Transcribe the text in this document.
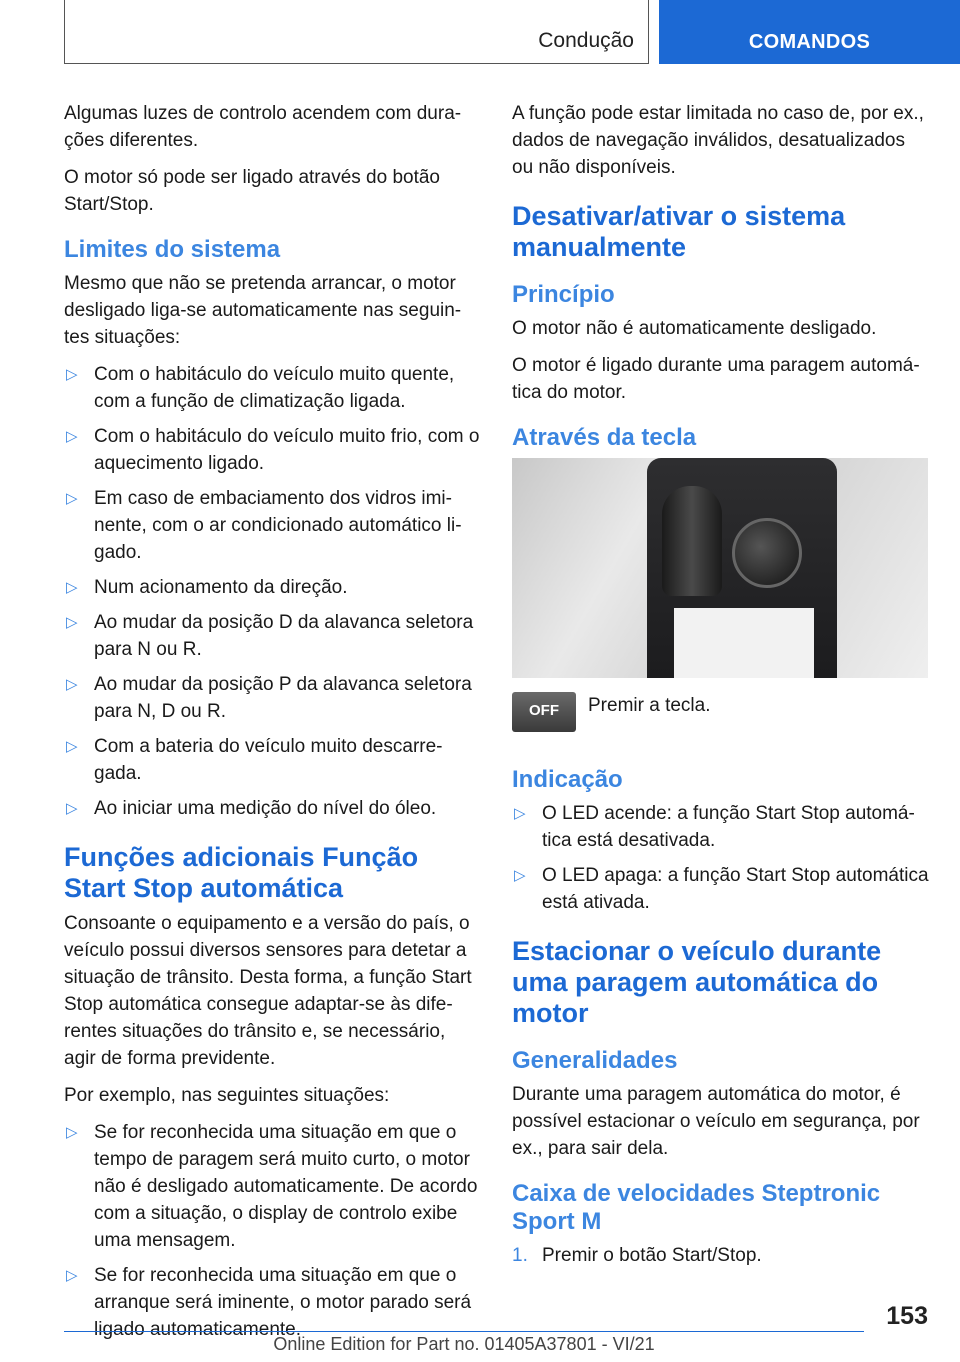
Condução	COMANDOS

Algumas luzes de controlo acendem com dura-ções diferentes.

O motor só pode ser ligado através do botão Start/Stop.

Limites do sistema

Mesmo que não se pretenda arrancar, o motor desligado liga-se automaticamente nas seguin-tes situações:

▷ Com o habitáculo do veículo muito quente, com a função de climatização ligada.
▷ Com o habitáculo do veículo muito frio, com o aquecimento ligado.
▷ Em caso de embaciamento dos vidros imi-nente, com o ar condicionado automático li-gado.
▷ Num acionamento da direção.
▷ Ao mudar da posição D da alavanca seletora para N ou R.
▷ Ao mudar da posição P da alavanca seletora para N, D ou R.
▷ Com a bateria do veículo muito descarre-gada.
▷ Ao iniciar uma medição do nível do óleo.
Funções adicionais Função Start Stop automática

Consoante o equipamento e a versão do país, o veículo possui diversos sensores para detetar a situação de trânsito. Desta forma, a função Start Stop automática consegue adaptar-se às dife-rentes situações do trânsito e, se necessário, agir de forma previdente.

Por exemplo, nas seguintes situações:

▷ Se for reconhecida uma situação em que o tempo de paragem será muito curto, o motor não é desligado automaticamente. De acordo com a situação, o display de controlo exibe uma mensagem.
▷ Se for reconhecida uma situação em que o arranque será iminente, o motor parado será ligado automaticamente.

A função pode estar limitada no caso de, por ex., dados de navegação inválidos, desatualizados ou não disponíveis.

Desativar/ativar o sistema manualmente
Princípio

O motor não é automaticamente desligado.

O motor é ligado durante uma paragem automá-tica do motor.

Através da tecla
OFF	Premir a tecla.
Indicação
▷ O LED acende: a função Start Stop automá-tica está desativada.
▷ O LED apaga: a função Start Stop automática está ativada.
Estacionar o veículo durante uma paragem automática do motor
Generalidades

Durante uma paragem automática do motor, é possível estacionar o veículo em segurança, por ex., para sair dela.

Caixa de velocidades Steptronic Sport M
1. Premir o botão Start/Stop.
153
Online Edition for Part no. 01405A37801 - VI/21
